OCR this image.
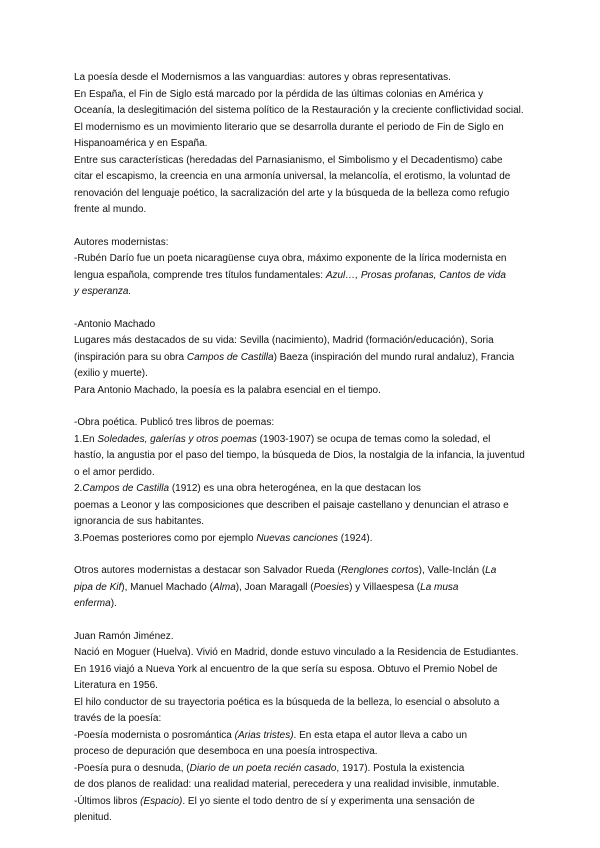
La poesía desde el Modernismos a las vanguardias: autores y obras representativas.

En España, el Fin de Siglo está marcado por la pérdida de las últimas colonias en América y

Oceanía, la deslegitimación del sistema político de la Restauración y la creciente conflictividad social.

El modernismo es un movimiento literario que se desarrolla durante el periodo de Fin de Siglo en

Hispanoamérica y en España.

Entre sus características (heredadas del Parnasianismo, el Simbolismo y el Decadentismo) cabe

citar el escapismo, la creencia en una armonía universal, la melancolía, el erotismo, la voluntad de

renovación del lenguaje poético, la sacralización del arte y la búsqueda de la belleza como refugio

frente al mundo.

Autores modernistas:

-Rubén Darío fue un poeta nicaragüense cuya obra, máximo exponente de la lírica modernista en

lengua española, comprende tres títulos fundamentales: Azul…, Prosas profanas, Cantos de vida

y esperanza.

-Antonio Machado

Lugares más destacados de su vida: Sevilla (nacimiento), Madrid (formación/educación), Soria

(inspiración para su obra Campos de Castilla) Baeza (inspiración del mundo rural andaluz), Francia

(exilio y muerte).

Para Antonio Machado, la poesía es la palabra esencial en el tiempo.

-Obra poética. Publicó tres libros de poemas:

1.En Soledades, galerías y otros poemas (1903-1907) se ocupa de temas como la soledad, el

hastío, la angustia por el paso del tiempo, la búsqueda de Dios, la nostalgia de la infancia, la juventud

o el amor perdido.

2.Campos de Castilla (1912) es una obra heterogénea, en la que destacan los

poemas a Leonor y las composiciones que describen el paisaje castellano y denuncian el atraso e

ignorancia de sus habitantes.

3.Poemas posteriores como por ejemplo Nuevas canciones (1924).

Otros autores modernistas a destacar son Salvador Rueda (Renglones cortos), Valle-Inclán (La

pipa de Kif), Manuel Machado (Alma), Joan Maragall (Poesies) y Villaespesa (La musa

enferma).

Juan Ramón Jiménez.

Nació en Moguer (Huelva). Vivió en Madrid, donde estuvo vinculado a la Residencia de Estudiantes.

En 1916 viajó a Nueva York al encuentro de la que sería su esposa. Obtuvo el Premio Nobel de

Literatura en 1956.

El hilo conductor de su trayectoria poética es la búsqueda de la belleza, lo esencial o absoluto a

través de la poesía:

-Poesía modernista o posromántica (Arias tristes). En esta etapa el autor lleva a cabo un

proceso de depuración que desemboca en una poesía introspectiva.

-Poesía pura o desnuda, (Diario de un poeta recién casado, 1917). Postula la existencia

de dos planos de realidad: una realidad material, perecedera y una realidad invisible, inmutable.

-Últimos libros (Espacio). El yo siente el todo dentro de sí y experimenta una sensación de

plenitud.
